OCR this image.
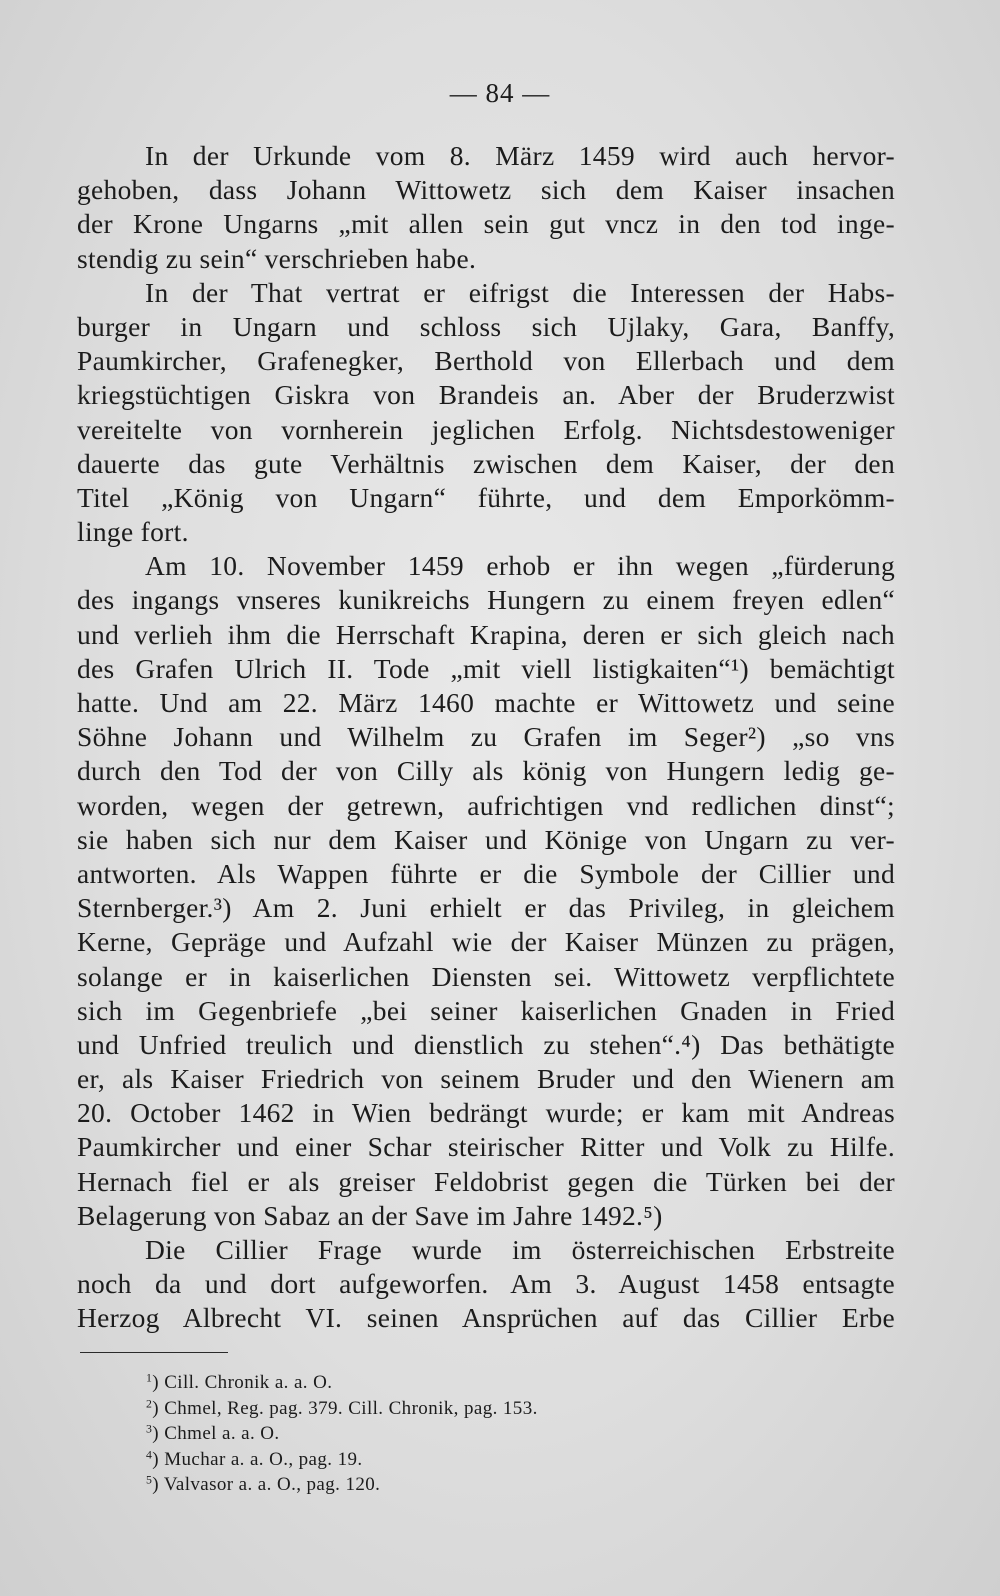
— 84 —
In der Urkunde vom 8. März 1459 wird auch hervor-
gehoben, dass Johann Wittowetz sich dem Kaiser insachen
der Krone Ungarns „mit allen sein gut vncz in den tod inge-
stendig zu sein“ verschrieben habe.
In der That vertrat er eifrigst die Interessen der Habs-
burger in Ungarn und schloss sich Ujlaky, Gara, Banffy,
Paumkircher, Grafenegker, Berthold von Ellerbach und dem
kriegstüchtigen Giskra von Brandeis an. Aber der Bruderzwist
vereitelte von vornherein jeglichen Erfolg. Nichtsdestoweniger
dauerte das gute Verhältnis zwischen dem Kaiser, der den
Titel „König von Ungarn“ führte, und dem Emporkömm-
linge fort.
Am 10. November 1459 erhob er ihn wegen „fürderung
des ingangs vnseres kunikreichs Hungern zu einem freyen edlen“
und verlieh ihm die Herrschaft Krapina, deren er sich gleich nach
des Grafen Ulrich II. Tode „mit viell listigkaiten“¹) bemächtigt
hatte. Und am 22. März 1460 machte er Wittowetz und seine
Söhne Johann und Wilhelm zu Grafen im Seger²) „so vns
durch den Tod der von Cilly als könig von Hungern ledig ge-
worden, wegen der getrewn, aufrichtigen vnd redlichen dinst“;
sie haben sich nur dem Kaiser und Könige von Ungarn zu ver-
antworten. Als Wappen führte er die Symbole der Cillier und
Sternberger.³) Am 2. Juni erhielt er das Privileg, in gleichem
Kerne, Gepräge und Aufzahl wie der Kaiser Münzen zu prägen,
solange er in kaiserlichen Diensten sei. Wittowetz verpflichtete
sich im Gegenbriefe „bei seiner kaiserlichen Gnaden in Fried
und Unfried treulich und dienstlich zu stehen“.⁴) Das bethätigte
er, als Kaiser Friedrich von seinem Bruder und den Wienern am
20. October 1462 in Wien bedrängt wurde; er kam mit Andreas
Paumkircher und einer Schar steirischer Ritter und Volk zu Hilfe.
Hernach fiel er als greiser Feldobrist gegen die Türken bei der
Belagerung von Sabaz an der Save im Jahre 1492.⁵)
Die Cillier Frage wurde im österreichischen Erbstreite
noch da und dort aufgeworfen. Am 3. August 1458 entsagte
Herzog Albrecht VI. seinen Ansprüchen auf das Cillier Erbe
$^1$) Cill. Chronik a. a. O.
$^2$) Chmel, Reg. pag. 379. Cill. Chronik, pag. 153.
$^3$) Chmel a. a. O.
$^4$) Muchar a. a. O., pag. 19.
$^5$) Valvasor a. a. O., pag. 120.
